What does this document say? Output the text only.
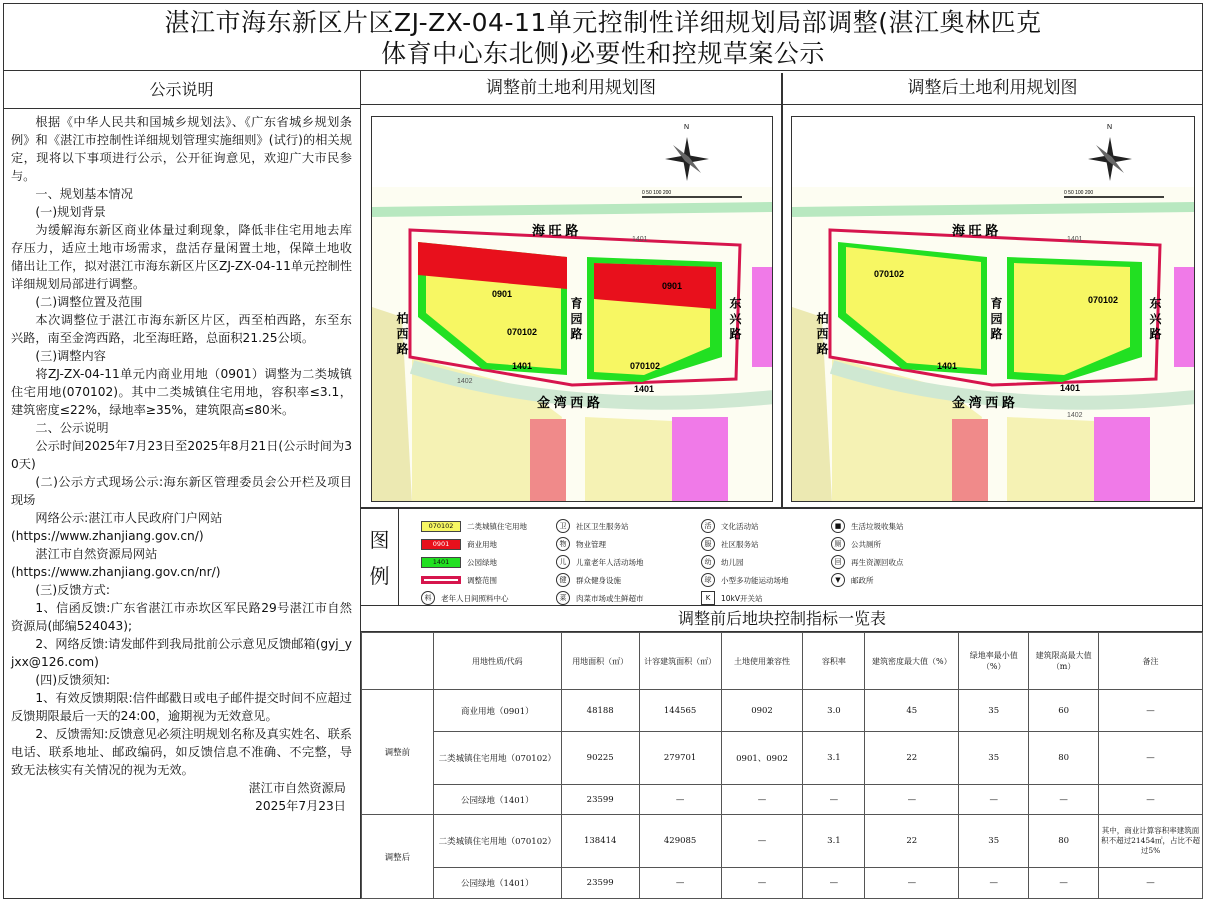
湛江市海东新区片区ZJ-ZX-04-11单元控制性详细规划局部调整(湛江奥林匹克
体育中心东北侧)必要性和控规草案公示
公示说明

根据《中华人民共和国城乡规划法》、《广东省城乡规划条例》和《湛江市控制性详细规划管理实施细则》(试行)的相关规定，现将以下事项进行公示，公开征询意见，欢迎广大市民参与。

一、规划基本情况

(一)规划背景

为缓解海东新区商业体量过剩现象，降低非住宅用地去库存压力，适应土地市场需求，盘活存量闲置土地，保障土地收储出让工作，拟对湛江市海东新区片区ZJ-ZX-04-11单元控制性详细规划局部进行调整。

(二)调整位置及范围

本次调整位于湛江市海东新区片区，西至柏西路，东至东兴路，南至金湾西路，北至海旺路，总面积21.25公顷。

(三)调整内容

将ZJ-ZX-04-11单元内商业用地（0901）调整为二类城镇住宅用地(070102)。其中二类城镇住宅用地，容积率≤3.1，建筑密度≤22%，绿地率≥35%，建筑限高≤80米。

二、公示说明

公示时间2025年7月23日至2025年8月21日(公示时间为30天)

(二)公示方式现场公示:海东新区管理委员会公开栏及项目现场

网络公示:湛江市人民政府门户网站

(https://www.zhanjiang.gov.cn/)

湛江市自然资源局网站

(https://www.zhanjiang.gov.cn/nr/)

(三)反馈方式:

1、信函反馈:广东省湛江市赤坎区军民路29号湛江市自然资源局(邮编524043);

2、网络反馈:请发邮件到我局批前公示意见反馈邮箱(gyj_yjxx@126.com)

(四)反馈须知:

1、有效反馈期限:信件邮戳日或电子邮件提交时间不应超过反馈期限最后一天的24:00，逾期视为无效意见。

2、反馈需知:反馈意见必须注明规划名称及真实姓名、联系电话、联系地址、邮政编码，如反馈信息不准确、不完整，导致无法核实有关情况的视为无效。

湛江市自然资源局

2025年7月23日

调整前土地利用规划图	调整后土地利用规划图
海 旺 路
1401
金 湾 西 路
1402
0901
070102
1401
0901
070102
1401
柏 西 路	育 园 路	东 兴 路
N
0 50 100 200
海 旺 路
1401
金 湾 西 路
1402
070102
1401
070102
1401
柏 西 路	育 园 路	东 兴 路
N
0 50 100 200
图
例
070102	二类城镇住宅用地
0901	商业用地
1401	公园绿地
调整范围
料	老年人日间照料中心
卫	社区卫生服务站
物	物业管理
儿	儿童老年人活动场地
健	群众健身设施
菜	肉菜市场或生鲜超市
活	文化活动站
服	社区服务站
幼	幼儿园
球	小型多功能运动场地
K	10kV开关站
■	生活垃圾收集站
厕	公共厕所
回	再生资源回收点
▼	邮政所
调整前后地块控制指标一览表
	用地性质/代码	用地面积（㎡）	计容建筑面积（㎡）	土地使用兼容性	容积率	建筑密度最大值（%）	绿地率最小值（%）	建筑限高最大值（m）	备注
调整前	商业用地（0901）	48188	144565	0902	3.0	45	35	60	—
	二类城镇住宅用地（070102）	90225	279701	0901、0902	3.1	22	35	80	—
	公园绿地（1401）	23599	—	—	—	—	—	—	—
调整后	二类城镇住宅用地（070102）	138414	429085	—	3.1	22	35	80	其中，商业计算容积率建筑面积不超过21454㎡，占比不超过5%
	公园绿地（1401）	23599	—	—	—	—	—	—	—
